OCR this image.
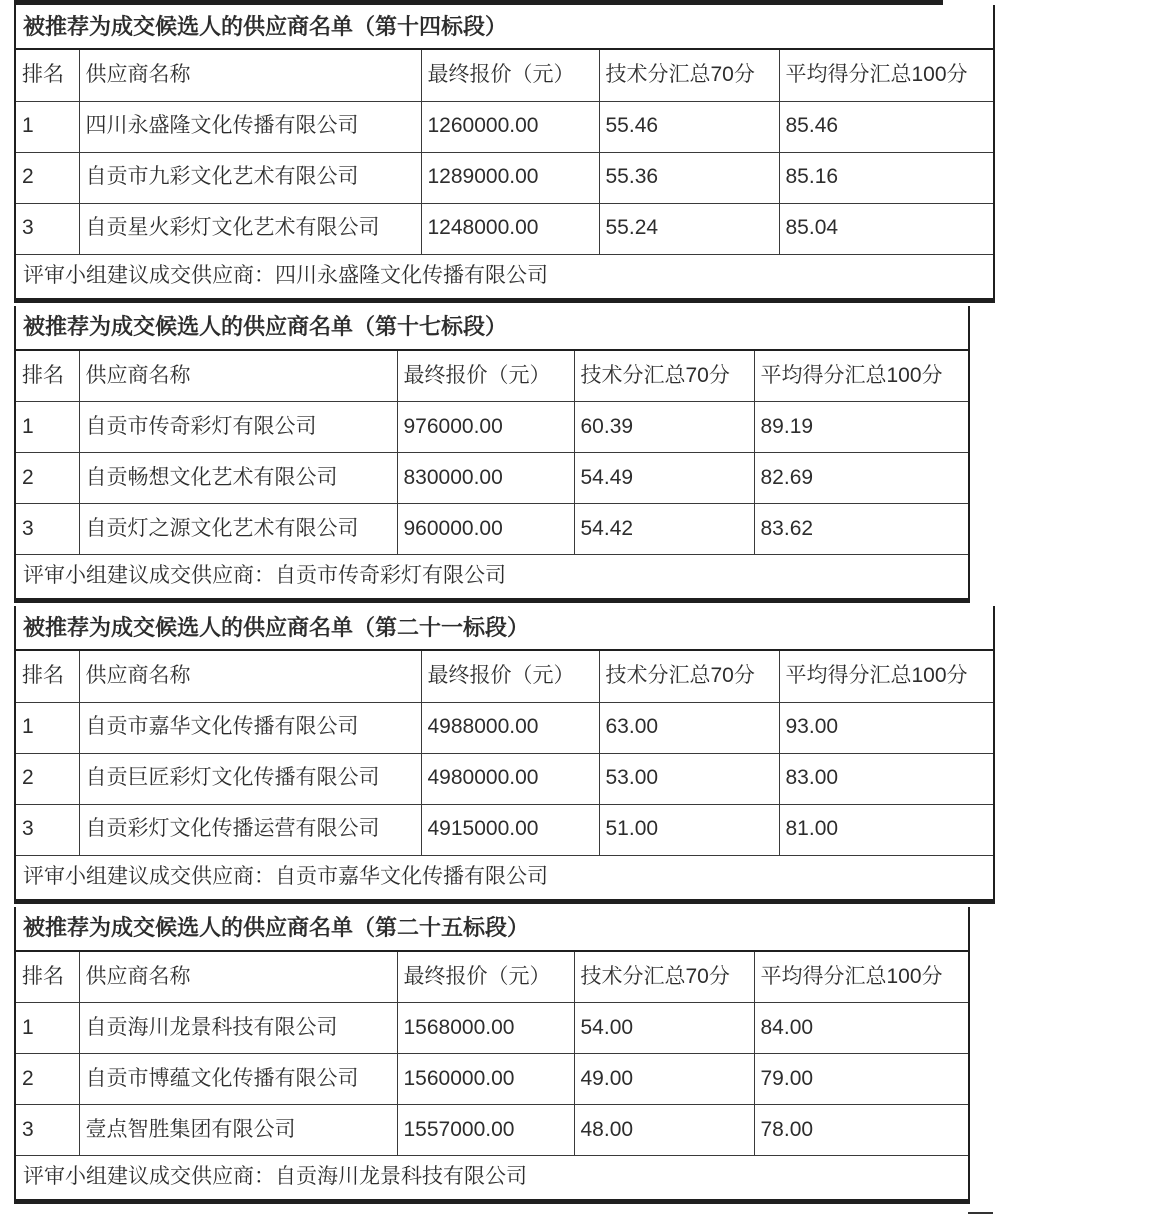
被推荐为成交候选人的供应商名单（第十四标段）				
排名	供应商名称	最终报价（元）	技术分汇总70分	平均得分汇总100分
1	四川永盛隆文化传播有限公司	1260000.00	55.46	85.46
2	自贡市九彩文化艺术有限公司	1289000.00	55.36	85.16
3	自贡星火彩灯文化艺术有限公司	1248000.00	55.24	85.04
评审小组建议成交供应商：四川永盛隆文化传播有限公司				
被推荐为成交候选人的供应商名单（第十七标段）				
排名	供应商名称	最终报价（元）	技术分汇总70分	平均得分汇总100分
1	自贡市传奇彩灯有限公司	976000.00	60.39	89.19
2	自贡畅想文化艺术有限公司	830000.00	54.49	82.69
3	自贡灯之源文化艺术有限公司	960000.00	54.42	83.62
评审小组建议成交供应商：自贡市传奇彩灯有限公司				
被推荐为成交候选人的供应商名单（第二十一标段）				
排名	供应商名称	最终报价（元）	技术分汇总70分	平均得分汇总100分
1	自贡市嘉华文化传播有限公司	4988000.00	63.00	93.00
2	自贡巨匠彩灯文化传播有限公司	4980000.00	53.00	83.00
3	自贡彩灯文化传播运营有限公司	4915000.00	51.00	81.00
评审小组建议成交供应商：自贡市嘉华文化传播有限公司				
被推荐为成交候选人的供应商名单（第二十五标段）				
排名	供应商名称	最终报价（元）	技术分汇总70分	平均得分汇总100分
1	自贡海川龙景科技有限公司	1568000.00	54.00	84.00
2	自贡市博蕴文化传播有限公司	1560000.00	49.00	79.00
3	壹点智胜集团有限公司	1557000.00	48.00	78.00
评审小组建议成交供应商：自贡海川龙景科技有限公司				
